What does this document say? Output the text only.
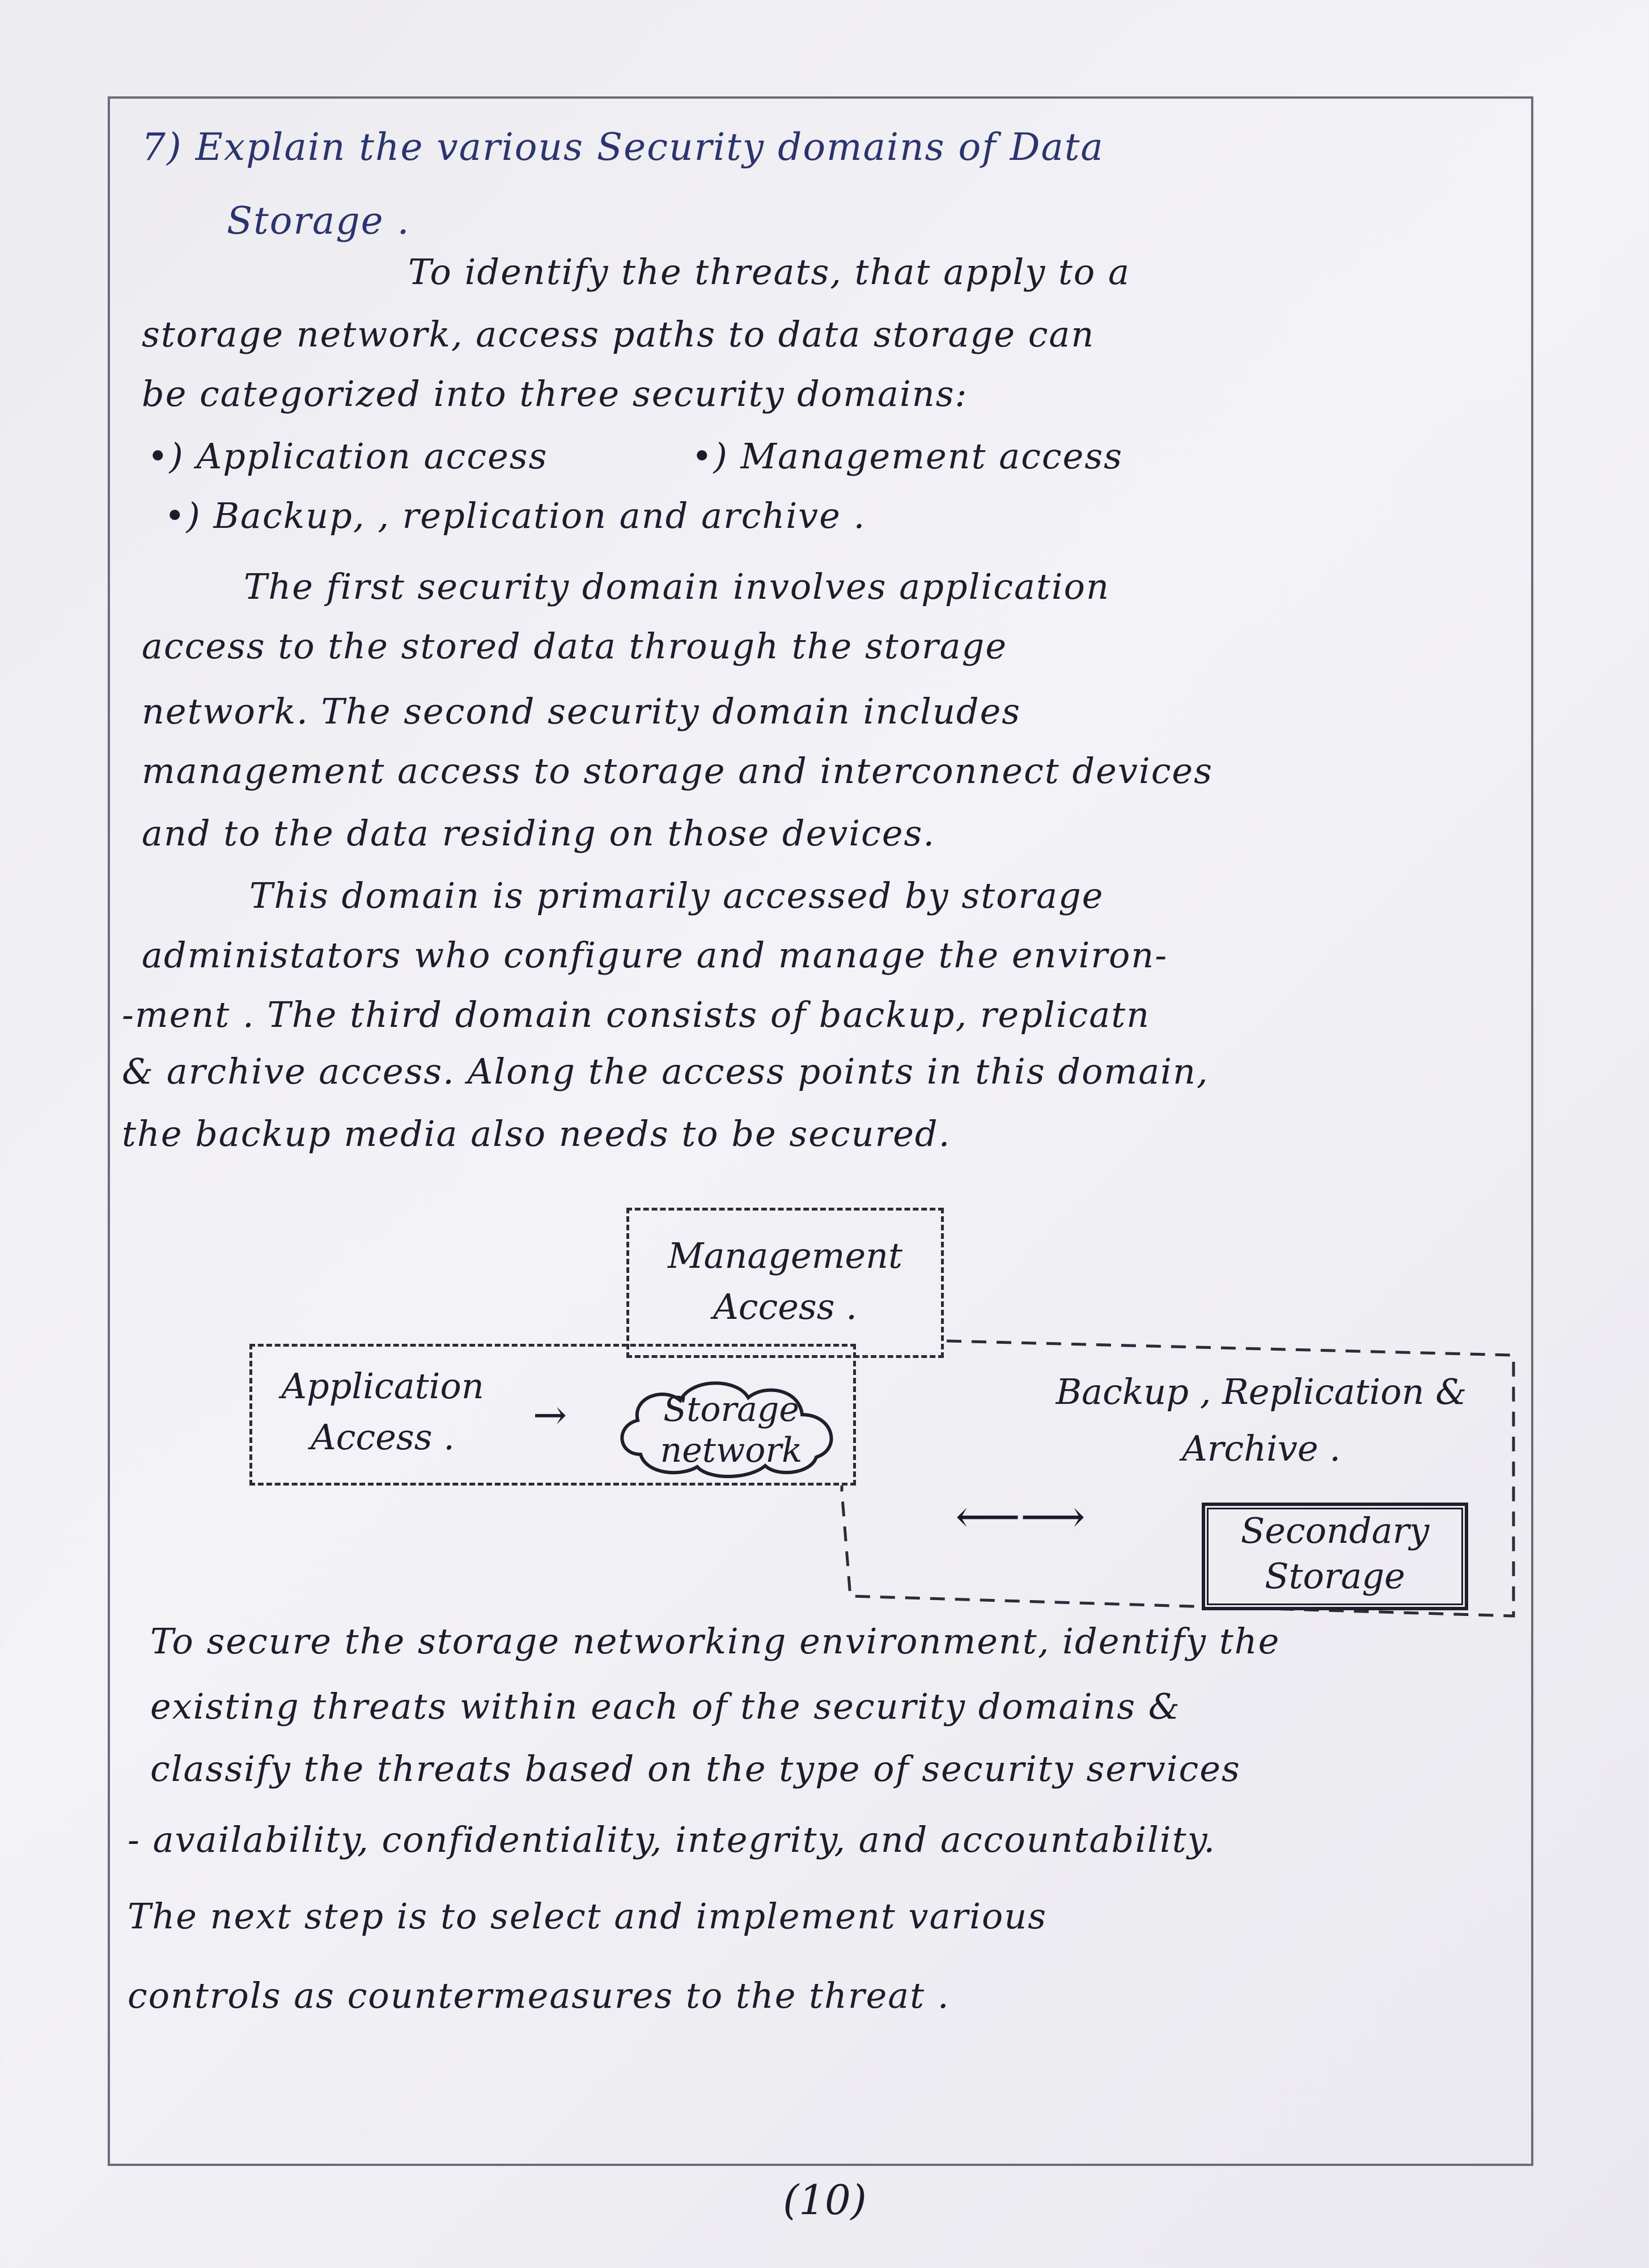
7) Explain the various Security domains of Data
Storage .
To identify the threats, that apply to a
storage network, access paths to data storage can
be categorized into three security domains:
•) Application access	•) Management access
•) Backup, , replication and archive .
The first security domain involves application
access to the stored data through the storage
network. The second security domain includes
management access to storage and interconnect devices
and to the data residing on those devices.
This domain is primarily accessed by storage
administators who configure and manage the environ-
-ment . The third domain consists of backup, replicatn
& archive access. Along the access points in this domain,
the backup media also needs to be secured.
Management Access .
Application Access .	→	Storage network
Backup , Replication & Archive .
⟵⟶	Secondary Storage
To secure the storage networking environment, identify the
existing threats within each of the security domains &
classify the threats based on the type of security services
- availability, confidentiality, integrity, and accountability.
The next step is to select and implement various
controls as countermeasures to the threat .
(10)
